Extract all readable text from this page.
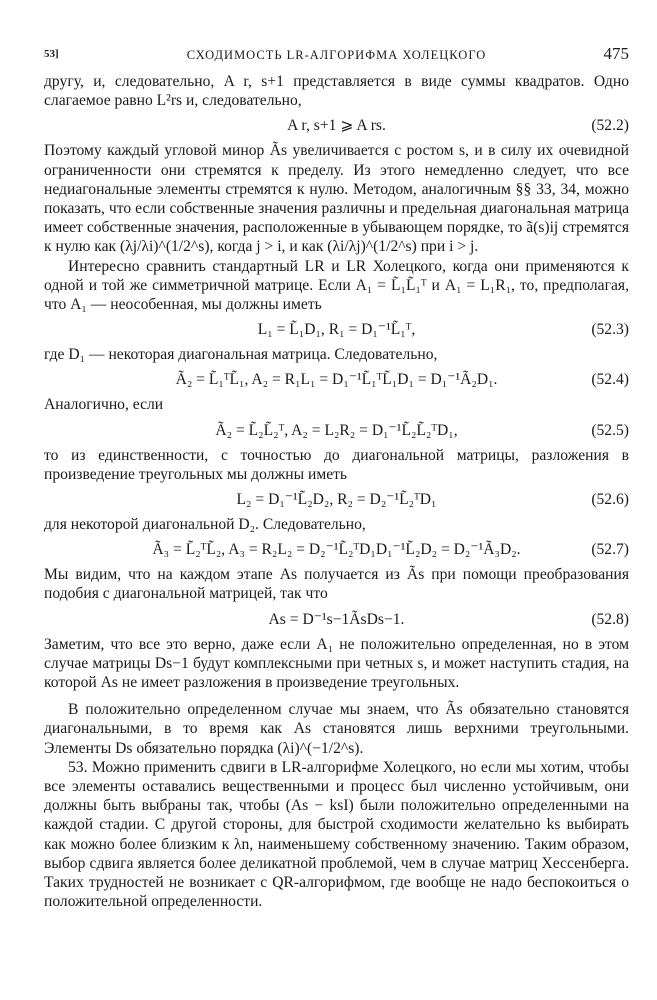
53]	СХОДИМОСТЬ LR-АЛГОРИФМА ХОЛЕЦКОГО	475

другу, и, следовательно, A r, s+1 представляется в виде суммы квадратов. Одно слагаемое равно L²rs и, следовательно,

A r, s+1 ⩾ A rs.	(52.2)

Поэтому каждый угловой минор Ãs увеличивается с ростом s, и в силу их очевидной ограниченности они стремятся к пределу. Из этого немедленно следует, что все недиагональные элементы стремятся к нулю. Методом, аналогичным §§ 33, 34, можно показать, что если собственные значения различны и предельная диагональная матрица имеет собственные значения, расположенные в убывающем порядке, то ã(s)ij стремятся к нулю как (λj/λi)^(1/2^s), когда j > i, и как (λi/λj)^(1/2^s) при i > j.

Интересно сравнить стандартный LR и LR Холецкого, когда они применяются к одной и той же симметричной матрице. Если A₁ = L̃₁L̃₁ᵀ и A₁ = L₁R₁, то, предполагая, что A₁ — неособенная, мы должны иметь

L₁ = L̃₁D₁, R₁ = D₁⁻¹L̃₁ᵀ,	(52.3)

где D₁ — некоторая диагональная матрица. Следовательно,

Ã₂ = L̃₁ᵀL̃₁, A₂ = R₁L₁ = D₁⁻¹L̃₁ᵀL̃₁D₁ = D₁⁻¹Ã₂D₁.	(52.4)

Аналогично, если

Ã₂ = L̃₂L̃₂ᵀ, A₂ = L₂R₂ = D₁⁻¹L̃₂L̃₂ᵀD₁,	(52.5)

то из единственности, с точностью до диагональной матрицы, разложения в произведение треугольных мы должны иметь

L₂ = D₁⁻¹L̃₂D₂, R₂ = D₂⁻¹L̃₂ᵀD₁	(52.6)

для некоторой диагональной D₂. Следовательно,

Ã₃ = L̃₂ᵀL̃₂, A₃ = R₂L₂ = D₂⁻¹L̃₂ᵀD₁D₁⁻¹L̃₂D₂ = D₂⁻¹Ã₃D₂.	(52.7)

Мы видим, что на каждом этапе As получается из Ãs при помощи преобразования подобия с диагональной матрицей, так что

As = D⁻¹s−1ÃsDs−1.	(52.8)

Заметим, что все это верно, даже если A₁ не положительно определенная, но в этом случае матрицы Ds−1 будут комплексными при четных s, и может наступить стадия, на которой As не имеет разложения в произведение треугольных.

В положительно определенном случае мы знаем, что Ãs обязательно становятся диагональными, в то время как As становятся лишь верхними треугольными. Элементы Ds обязательно порядка (λi)^(−1/2^s).

53. Можно применить сдвиги в LR-алгорифме Холецкого, но если мы хотим, чтобы все элементы оставались вещественными и процесс был численно устойчивым, они должны быть выбраны так, чтобы (As − ksI) были положительно определенными на каждой стадии. С другой стороны, для быстрой сходимости желательно ks выбирать как можно более близким к λn, наименьшему собственному значению. Таким образом, выбор сдвига является более деликатной проблемой, чем в случае матриц Хессенберга. Таких трудностей не возникает с QR-алгорифмом, где вообще не надо беспокоиться о положительной определенности.
